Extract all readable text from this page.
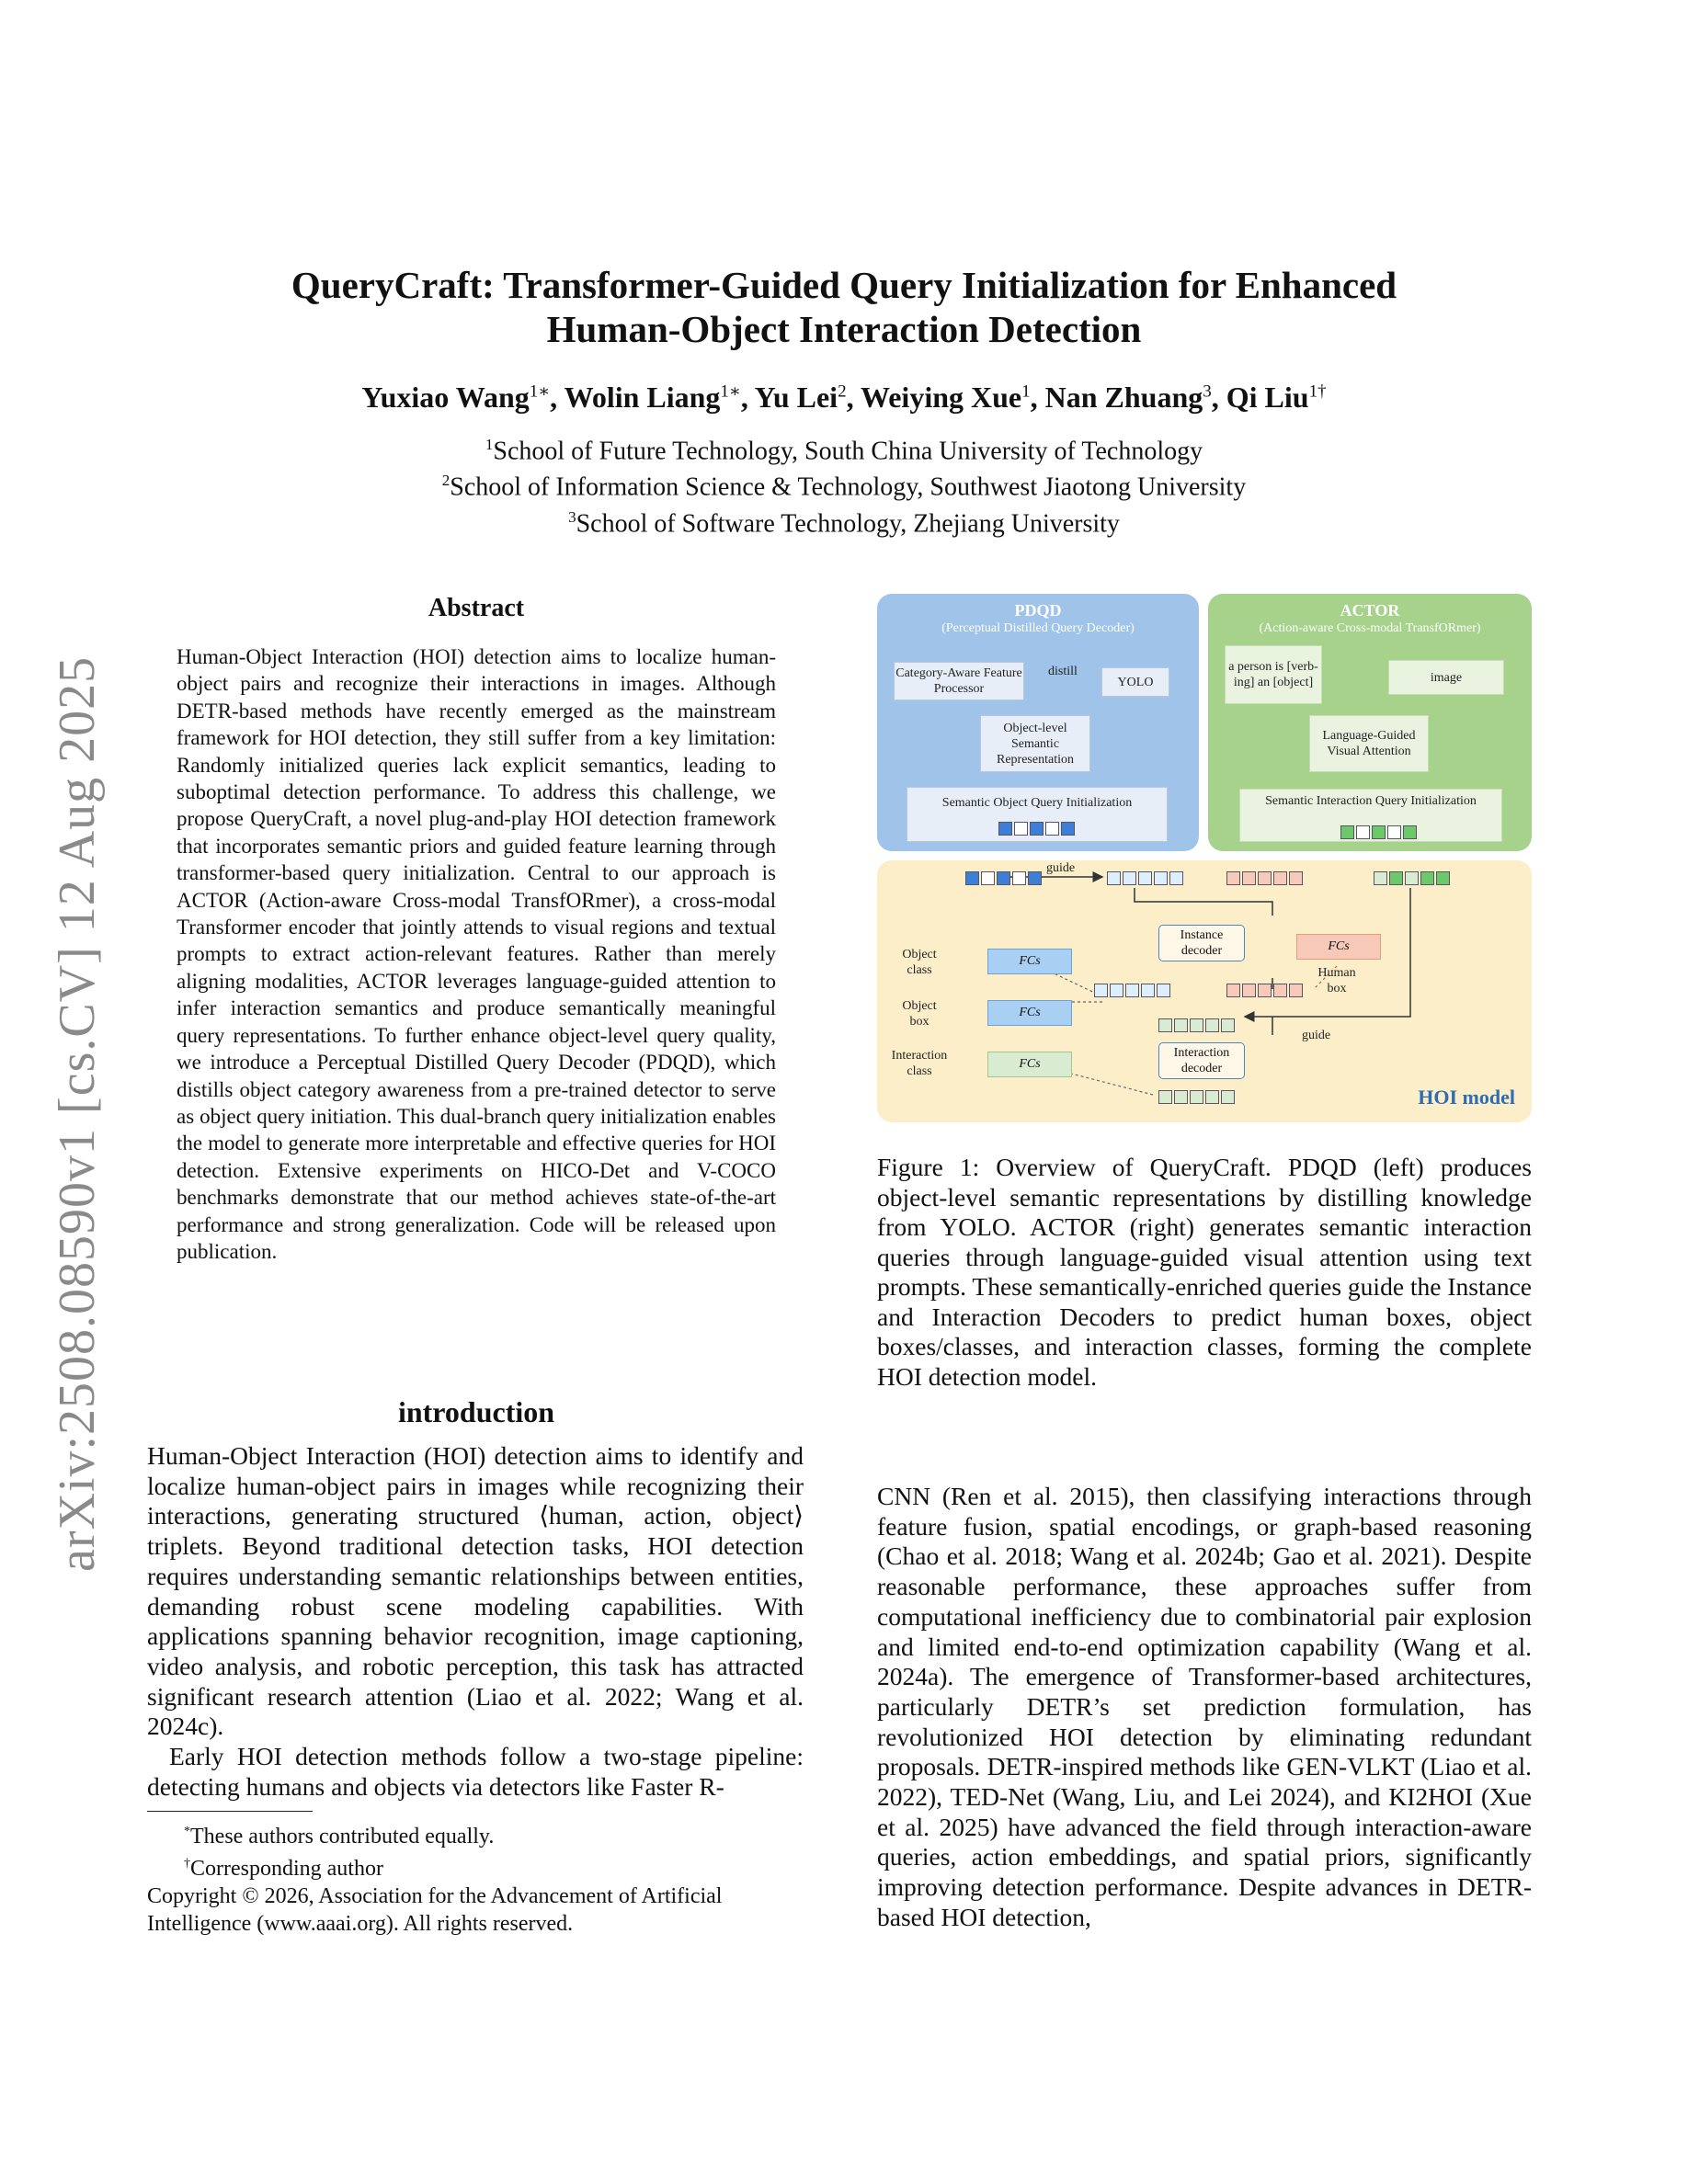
arXiv:2508.08590v1 [cs.CV] 12 Aug 2025
QueryCraft: Transformer-Guided Query Initialization for Enhanced
Human-Object Interaction Detection
Yuxiao Wang$^{1∗}$, Wolin Liang$^{1∗}$, Yu Lei$^2$, Weiying Xue$^1$, Nan Zhuang$^3$, Qi Liu$^{1\dagger}$
$^1$School of Future Technology, South China University of Technology
$^2$School of Information Science & Technology, Southwest Jiaotong University
$^3$School of Software Technology, Zhejiang University
Abstract
Human-Object Interaction (HOI) detection aims to localize human-object pairs and recognize their interactions in images. Although DETR-based methods have recently emerged as the mainstream framework for HOI detection, they still suffer from a key limitation: Randomly initialized queries lack explicit semantics, leading to suboptimal detection performance. To address this challenge, we propose QueryCraft, a novel plug-and-play HOI detection framework that incorporates semantic priors and guided feature learning through transformer-based query initialization. Central to our approach is ACTOR (Action-aware Cross-modal TransfORmer), a cross-modal Transformer encoder that jointly attends to visual regions and textual prompts to extract action-relevant features. Rather than merely aligning modalities, ACTOR leverages language-guided attention to infer interaction semantics and produce semantically meaningful query representations. To further enhance object-level query quality, we introduce a Perceptual Distilled Query Decoder (PDQD), which distills object category awareness from a pre-trained detector to serve as object query initiation. This dual-branch query initialization enables the model to generate more interpretable and effective queries for HOI detection. Extensive experiments on HICO-Det and V-COCO benchmarks demonstrate that our method achieves state-of-the-art performance and strong generalization. Code will be released upon publication.
introduction

Human-Object Interaction (HOI) detection aims to identify and localize human-object pairs in images while recognizing their interactions, generating structured ⟨human, action, object⟩ triplets. Beyond traditional detection tasks, HOI detection requires understanding semantic relationships between entities, demanding robust scene modeling capabilities. With applications spanning behavior recognition, image captioning, video analysis, and robotic perception, this task has attracted significant research attention (Liao et al. 2022; Wang et al. 2024c).

Early HOI detection methods follow a two-stage pipeline: detecting humans and objects via detectors like Faster R-

*These authors contributed equally.
†Corresponding author
Copyright © 2026, Association for the Advancement of Artificial Intelligence (www.aaai.org). All rights reserved.
PDQD
(Perceptual Distilled Query Decoder)
Category-Aware Feature Processor
distill
YOLO
Object-level Semantic Representation
Semantic Object Query Initialization
ACTOR
(Action-aware Cross-modal TransfORmer)
a person is [verb-ing] an [object]	image
Language-Guided Visual Attention
Semantic Interaction Query Initialization
guide
Instance decoder	FCs
Human box
FCs
FCs
FCs
Object class
Object box
Interaction class
guide
Interaction decoder
HOI model
Figure 1: Overview of QueryCraft. PDQD (left) produces object-level semantic representations by distilling knowledge from YOLO. ACTOR (right) generates semantic interaction queries through language-guided visual attention using text prompts. These semantically-enriched queries guide the Instance and Interaction Decoders to predict human boxes, object boxes/classes, and interaction classes, forming the complete HOI detection model.
CNN (Ren et al. 2015), then classifying interactions through feature fusion, spatial encodings, or graph-based reasoning (Chao et al. 2018; Wang et al. 2024b; Gao et al. 2021). Despite reasonable performance, these approaches suffer from computational inefficiency due to combinatorial pair explosion and limited end-to-end optimization capability (Wang et al. 2024a). The emergence of Transformer-based architectures, particularly DETR’s set prediction formulation, has revolutionized HOI detection by eliminating redundant proposals. DETR-inspired methods like GEN-VLKT (Liao et al. 2022), TED-Net (Wang, Liu, and Lei 2024), and KI2HOI (Xue et al. 2025) have advanced the field through interaction-aware queries, action embeddings, and spatial priors, significantly improving detection performance. Despite advances in DETR-based HOI detection,
